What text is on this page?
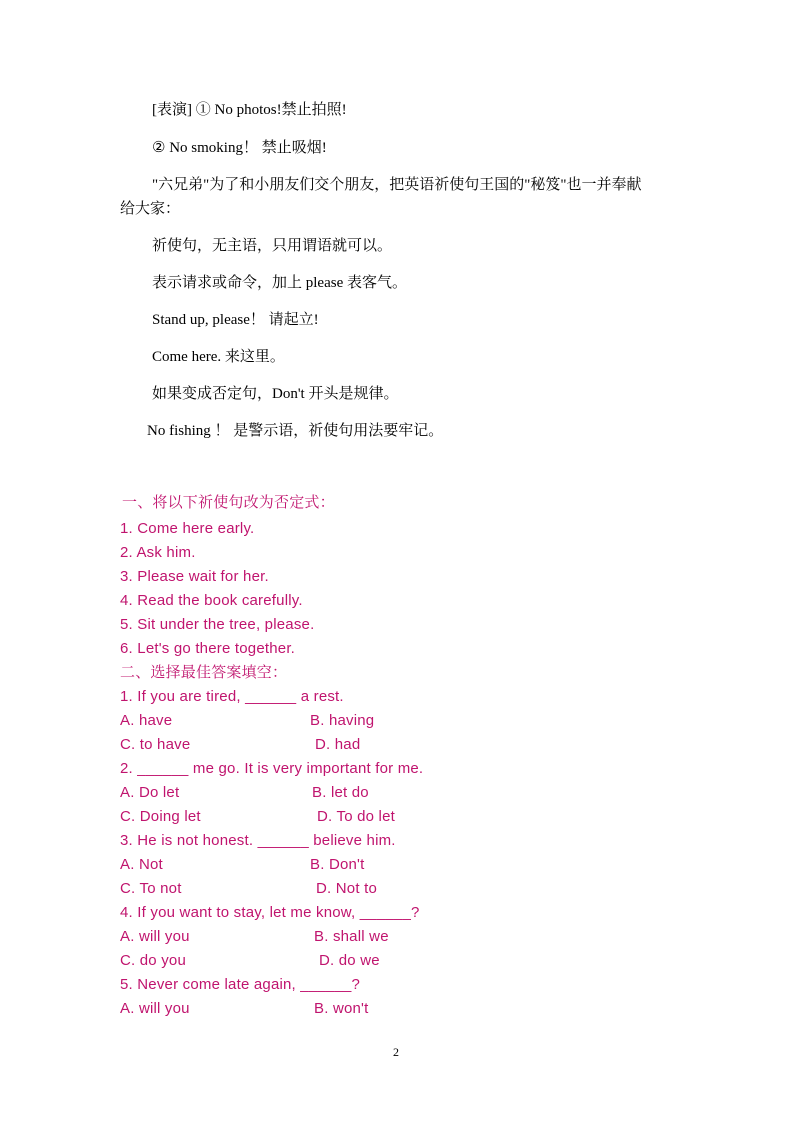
[表演] ① No photos!禁止拍照!
② No smoking！ 禁止吸烟!
"六兄弟"为了和小朋友们交个朋友，把英语祈使句王国的"秘笈"也一并奉献
给大家：
祈使句，无主语，只用谓语就可以。
表示请求或命令，加上 please 表客气。
Stand up, please！ 请起立!
Come here. 来这里。
如果变成否定句，Don't 开头是规律。
No fishing ！ 是警示语，祈使句用法要牢记。
一、将以下祈使句改为否定式：
1. Come here early.
2. Ask him.
3. Please wait for her.
4. Read the book carefully.
5. Sit under the tree, please.
6. Let's go there together.
二、选择最佳答案填空：
1. If you are tired, ______ a rest.
A. have	B. having
C. to have	D. had
2. ______ me go. It is very important for me.
A. Do let	B. let do
C. Doing let	D. To do let
3. He is not honest. ______ believe him.
A. Not	B. Don't
C. To not	D. Not to
4. If you want to stay, let me know, ______?
A. will you	B. shall we
C. do you	D. do we
5. Never come late again, ______?
A. will you	B. won't
2
